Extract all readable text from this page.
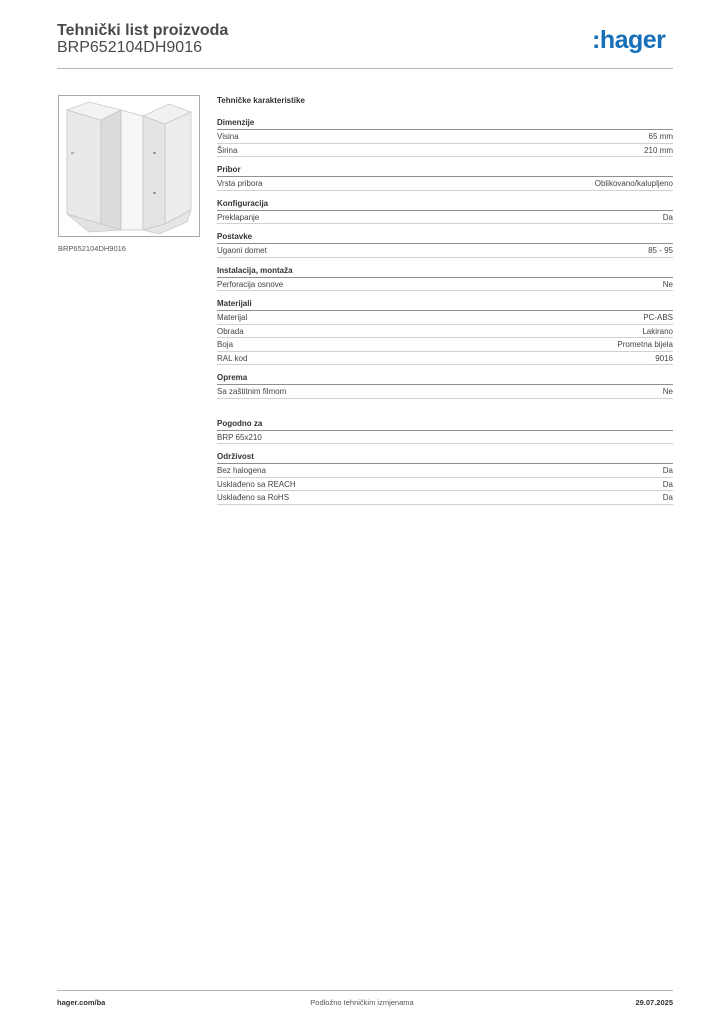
Tehnički list proizvoda
BRP652104DH9016	:hager
BRP652104DH9016
Tehničke karakteristike
Dimenzije
Visina	65 mm
Širina	210 mm
Pribor
Vrsta pribora	Oblikovano/kalupljeno
Konfiguracija
Preklapanje	Da
Postavke
Ugaoni domet	85 - 95
Instalacija, montaža
Perforacija osnove	Ne
Materijali
Materijal	PC-ABS
Obrada	Lakirano
Boja	Prometna bijela
RAL kod	9016
Oprema
Sa zaštitnim filmom	Ne
Pogodno za
BRP 65x210
Održivost
Bez halogena	Da
Usklađeno sa REACH	Da
Usklađeno sa RoHS	Da
hager.com/ba	Podložno tehničkim izmjenama	29.07.2025
